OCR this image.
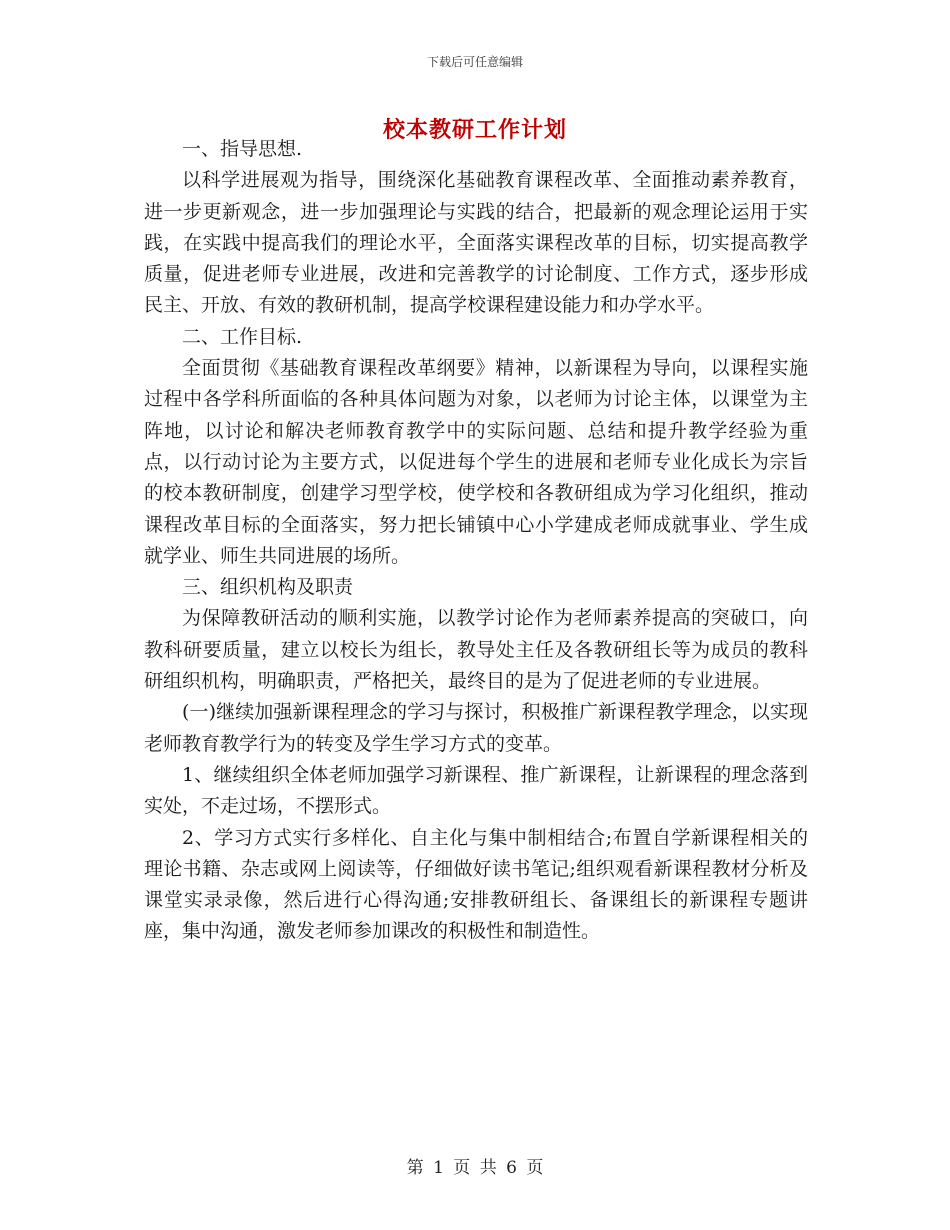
下载后可任意编辑
校本教研工作计划

一、指导思想.

以科学进展观为指导，围绕深化基础教育课程改革、全面推动素养教育，进一步更新观念，进一步加强理论与实践的结合，把最新的观念理论运用于实践，在实践中提高我们的理论水平，全面落实课程改革的目标，切实提高教学质量，促进老师专业进展，改进和完善教学的讨论制度、工作方式，逐步形成民主、开放、有效的教研机制，提高学校课程建设能力和办学水平。

二、工作目标.

全面贯彻《基础教育课程改革纲要》精神，以新课程为导向，以课程实施过程中各学科所面临的各种具体问题为对象，以老师为讨论主体，以课堂为主阵地，以讨论和解决老师教育教学中的实际问题、总结和提升教学经验为重点，以行动讨论为主要方式，以促进每个学生的进展和老师专业化成长为宗旨的校本教研制度，创建学习型学校，使学校和各教研组成为学习化组织，推动课程改革目标的全面落实，努力把长铺镇中心小学建成老师成就事业、学生成就学业、师生共同进展的场所。

三、组织机构及职责

为保障教研活动的顺利实施，以教学讨论作为老师素养提高的突破口，向教科研要质量，建立以校长为组长，教导处主任及各教研组长等为成员的教科研组织机构，明确职责，严格把关，最终目的是为了促进老师的专业进展。

(一)继续加强新课程理念的学习与探讨，积极推广新课程教学理念，以实现老师教育教学行为的转变及学生学习方式的变革。

1、继续组织全体老师加强学习新课程、推广新课程，让新课程的理念落到实处，不走过场，不摆形式。

2、学习方式实行多样化、自主化与集中制相结合;布置自学新课程相关的理论书籍、杂志或网上阅读等，仔细做好读书笔记;组织观看新课程教材分析及课堂实录录像，然后进行心得沟通;安排教研组长、备课组长的新课程专题讲座，集中沟通，激发老师参加课改的积极性和制造性。

第 1 页 共 6 页
